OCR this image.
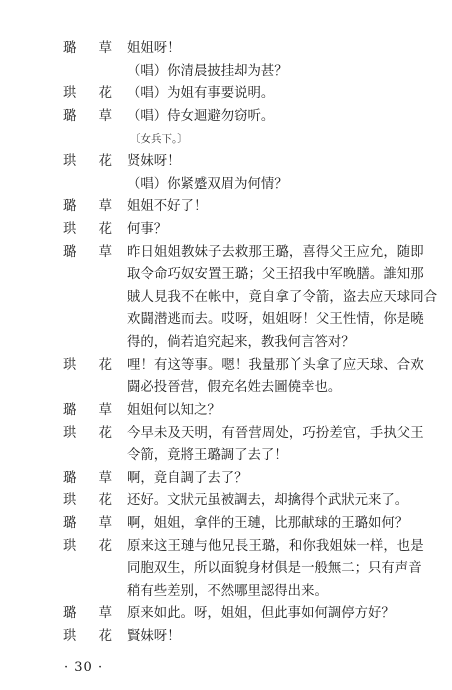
璐 草 姐姐呀！
（唱）你清晨披挂却为甚？
珙 花 （唱）为姐有事要说明。
璐 草 （唱）侍女迴避勿窃听。
〔女兵下。〕
珙 花 贤妹呀！
（唱）你紧蹙双眉为何情？
璐 草 姐姐不好了！
珙 花 何事？
璐 草 昨日姐姐教妹子去救那王璐，喜得父王应允，随即
取令命巧奴安置王璐；父王招我中军晚膳。誰知那
賊人見我不在帐中，竟自拿了令箭，盗去应天球同合
欢闘潜逃而去。哎呀，姐姐呀！父王性情，你是曉
得的，倘若追究起来，教我何言答对？
珙 花 哩！有这等事。嗯！我量那丫头拿了应天球、合欢
闘必投晉营，假充名姓去圖僥幸也。
璐 草 姐姐何以知之？
珙 花 今早未及天明，有晉营周处，巧扮差官，手执父王
令箭，竟將王璐調了去了！
璐 草 啊，竟自調了去了？
珙 花 还好。文狀元虽被調去，却擒得个武狀元来了。
璐 草 啊，姐姐，拿伴的王璉，比那献球的王璐如何？
珙 花 原来这王璉与他兄長王璐，和你我姐妹一样，也是
同胞双生，所以面貌身材俱是一般無二；只有声音
稍有些差别，不然哪里認得出来。
璐 草 原来如此。呀，姐姐，但此事如何調停方好？
珙 花 賢妹呀！
· 30 ·
